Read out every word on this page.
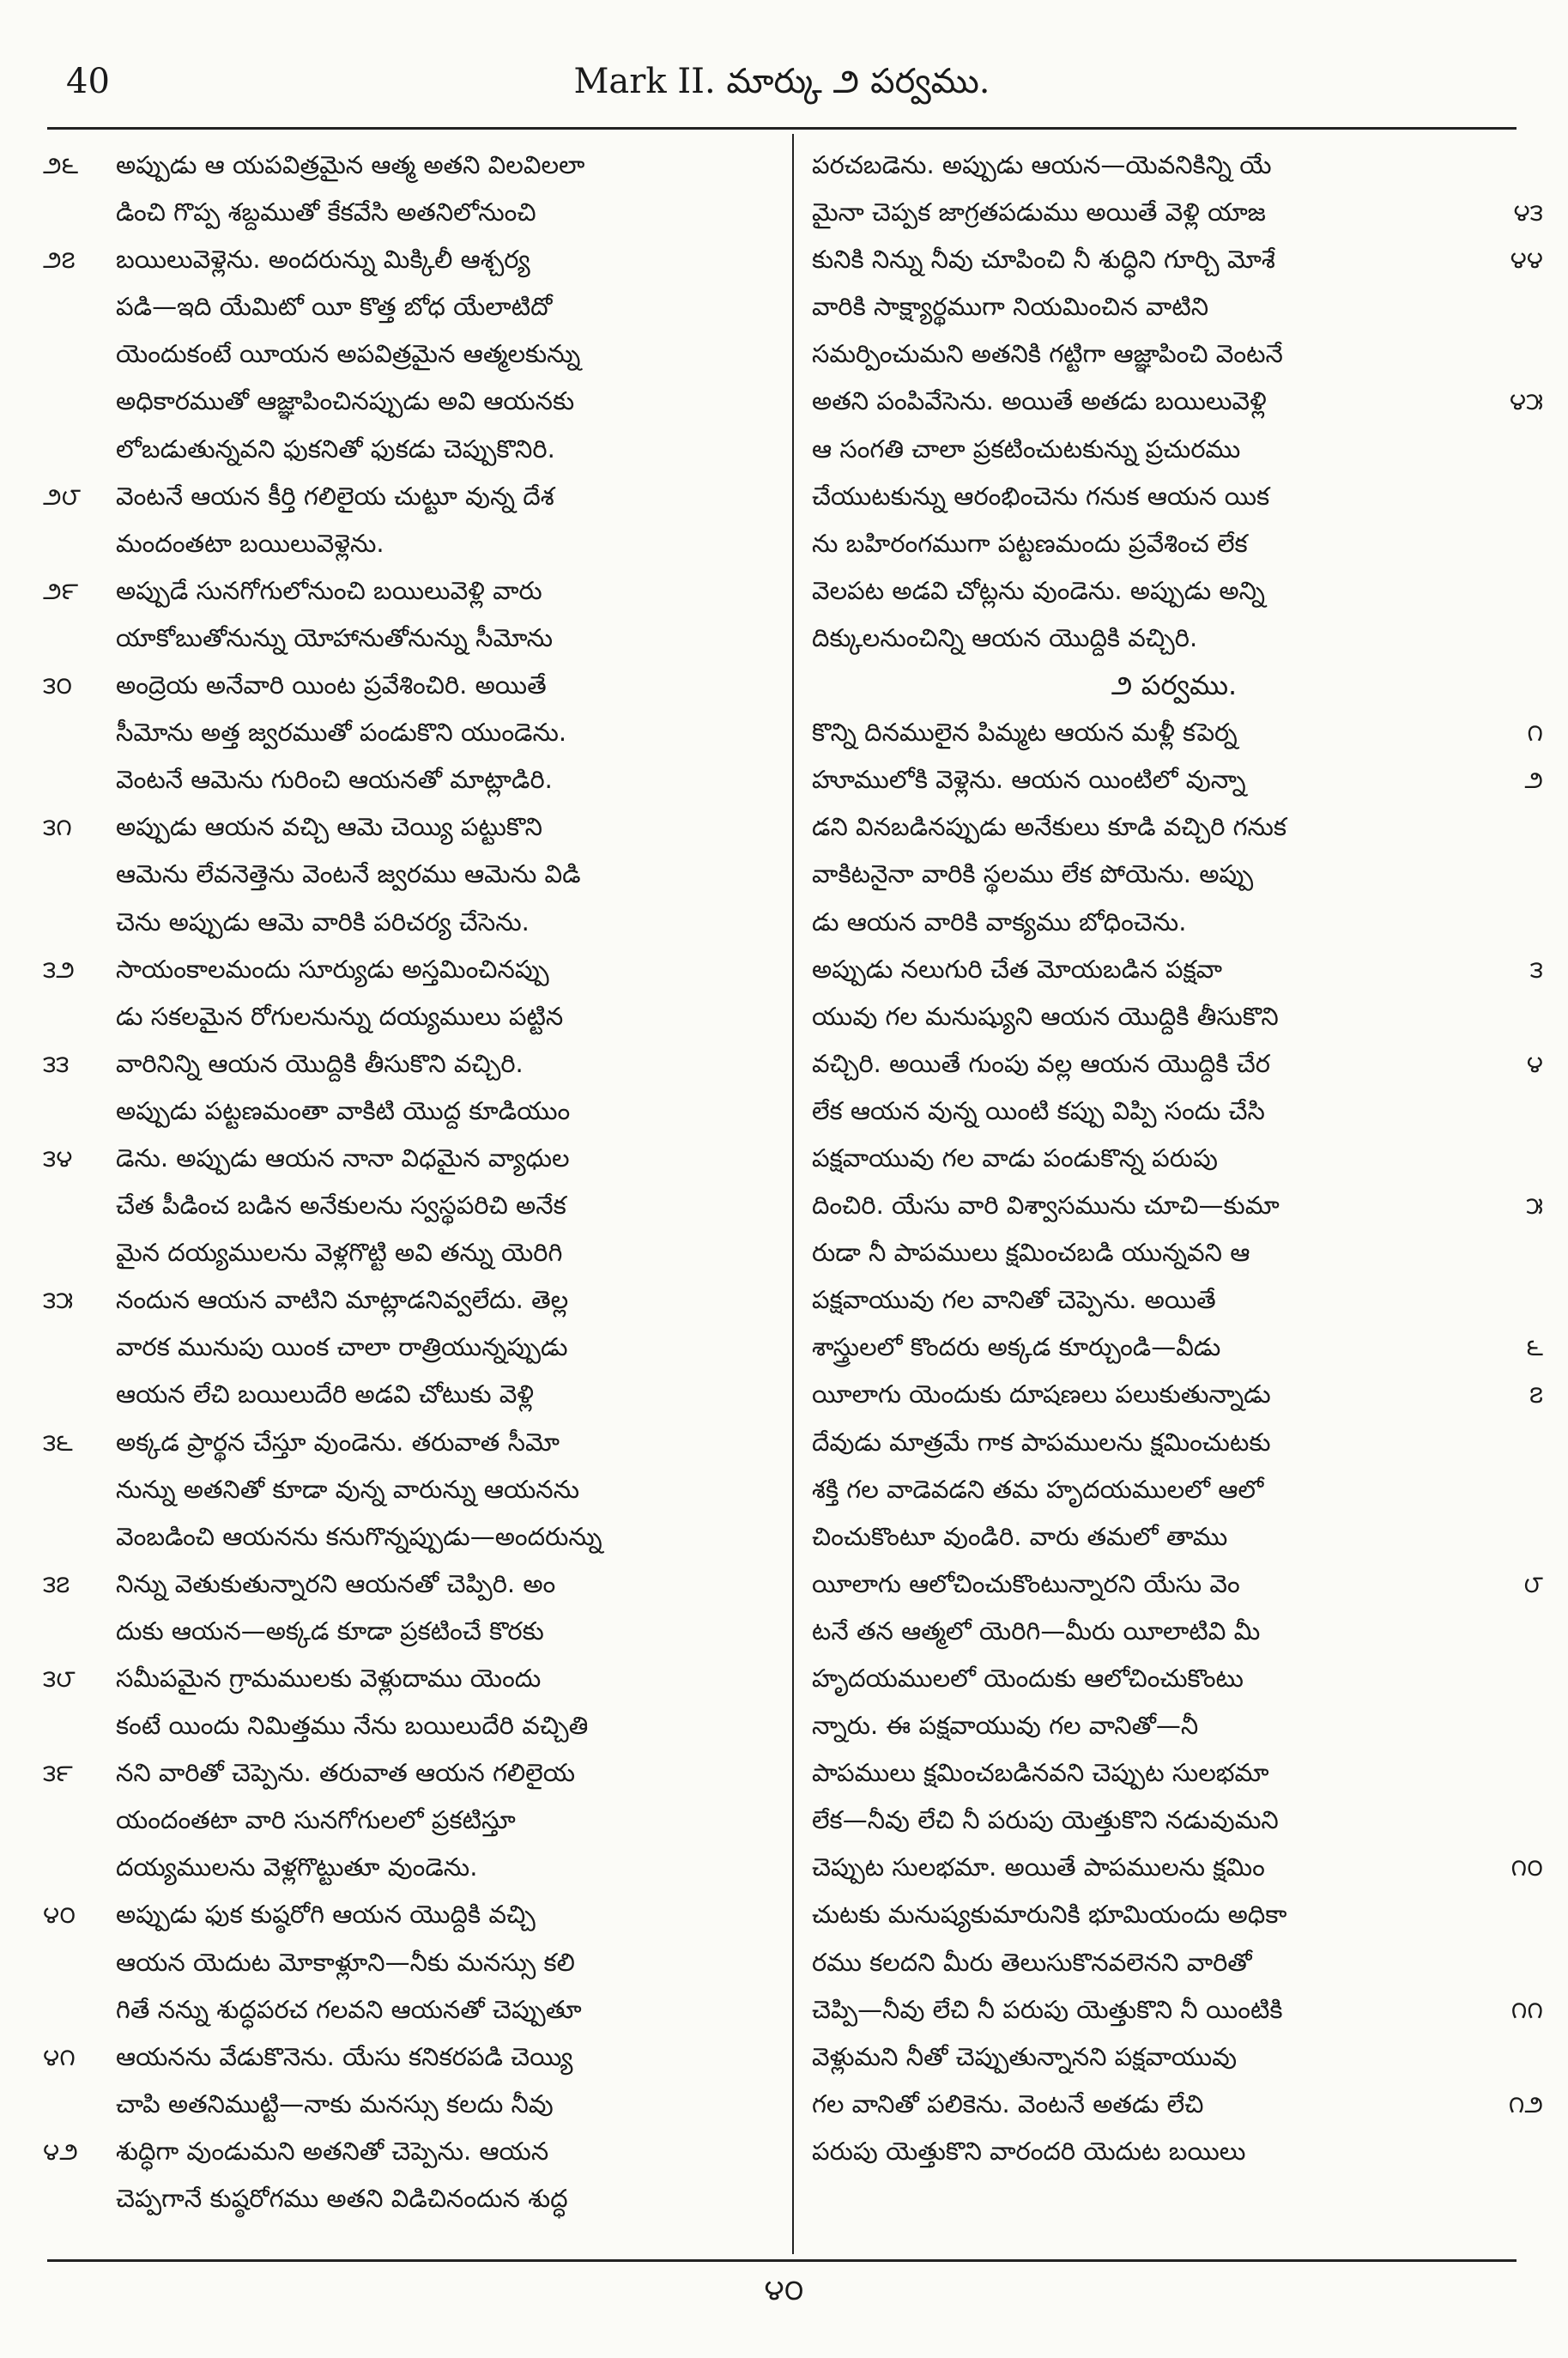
40	Mark II. మార్కు ౨ పర్వము.
౨౬	అప్పుడు ఆ యపవిత్రమైన ఆత్మ అతని విలవిలలా
డించి గొప్ప శబ్దముతో కేకవేసి అతనిలోనుంచి
౨౭	బయిలువెళ్లెను. అందరున్ను మిక్కిలీ ఆశ్చర్య
పడి—ఇది యేమిటో యీ కొత్త బోధ యేలాటిదో
యెందుకంటే యీయన అపవిత్రమైన ఆత్మలకున్ను
అధికారముతో ఆజ్ఞాపించినప్పుడు అవి ఆయనకు
లోబడుతున్నవని ఫుకనితో ఫుకడు చెప్పుకొనిరి.
౨౮	వెంటనే ఆయన కీర్తి గలిలైయ చుట్టూ వున్న దేశ
మందంతటా బయిలువెళ్లెను.
౨౯	అప్పుడే సునగోగులోనుంచి బయిలువెళ్లి వారు
యాకోబుతోనున్ను యోహానుతోనున్ను సీమోను
౩౦	అంద్రెయ అనేవారి యింట ప్రవేశించిరి. అయితే
సీమోను అత్త జ్వరముతో పండుకొని యుండెను.
వెంటనే ఆమెను గురించి ఆయనతో మాట్లాడిరి.
౩౧	అప్పుడు ఆయన వచ్చి ఆమె చెయ్యి పట్టుకొని
ఆమెను లేవనెత్తెను వెంటనే జ్వరము ఆమెను విడి
చెను అప్పుడు ఆమె వారికి పరిచర్య చేసెను.
౩౨	సాయంకాలమందు సూర్యుడు అస్తమించినప్పు
డు సకలమైన రోగులనున్ను దయ్యములు పట్టిన
౩౩	వారినిన్ని ఆయన యొద్దికి తీసుకొని వచ్చిరి.
అప్పుడు పట్టణమంతా వాకిటి యొద్ద కూడియుం
౩౪	డెను. అప్పుడు ఆయన నానా విధమైన వ్యాధుల
చేత పీడించ బడిన అనేకులను స్వస్థపరిచి అనేక
మైన దయ్యములను వెళ్లగొట్టి అవి తన్ను యెరిగి
౩౫	నందున ఆయన వాటిని మాట్లాడనివ్వలేదు. తెల్ల
వారక మునుపు యింక చాలా రాత్రియున్నప్పుడు
ఆయన లేచి బయిలుదేరి అడవి చోటుకు వెళ్లి
౩౬	అక్కడ ప్రార్థన చేస్తూ వుండెను. తరువాత సీమో
నున్ను అతనితో కూడా వున్న వారున్ను ఆయనను
వెంబడించి ఆయనను కనుగొన్నప్పుడు—అందరున్ను
౩౭	నిన్ను వెతుకుతున్నారని ఆయనతో చెప్పిరి. అం
దుకు ఆయన—అక్కడ కూడా ప్రకటించే కొరకు
౩౮	సమీపమైన గ్రామములకు వెళ్లుదాము యెందు
కంటే యిందు నిమిత్తము నేను బయిలుదేరి వచ్చితి
౩౯	నని వారితో చెప్పెను. తరువాత ఆయన గలిలైయ
యందంతటా వారి సునగోగులలో ప్రకటిస్తూ
దయ్యములను వెళ్లగొట్టుతూ వుండెను.
౪౦	అప్పుడు ఫుక కుష్ఠరోగి ఆయన యొద్దికి వచ్చి
ఆయన యెదుట మోకాళ్లూని—నీకు మనస్సు కలి
గితే నన్ను శుద్ధపరచ గలవని ఆయనతో చెప్పుతూ
౪౧	ఆయనను వేడుకొనెను. యేసు కనికరపడి చెయ్యి
చాపి అతనిముట్టి—నాకు మనస్సు కలదు నీవు
౪౨	శుద్ధిగా వుండుమని అతనితో చెప్పెను. ఆయన
చెప్పగానే కుష్ఠరోగము అతని విడిచినందున శుద్ధ
పరచబడెను. అప్పుడు ఆయన—యెవనికిన్ని యే
౪౩
మైనా చెప్పక జాగ్రతపడుము అయితే వెళ్లి యాజ
౪౪
కునికి నిన్ను నీవు చూపించి నీ శుద్ధిని గూర్చి మోశే
వారికి సాక్ష్యార్థముగా నియమించిన వాటిని
సమర్పించుమని అతనికి గట్టిగా ఆజ్ఞాపించి వెంటనే
౪౫
అతని పంపివేసెను. అయితే అతడు బయిలువెళ్లి
ఆ సంగతి చాలా ప్రకటించుటకున్ను ప్రచురము
చేయుటకున్ను ఆరంభించెను గనుక ఆయన యిక
ను బహిరంగముగా పట్టణమందు ప్రవేశించ లేక
వెలపట అడవి చోట్లను వుండెను. అప్పుడు అన్ని
దిక్కులనుంచిన్ని ఆయన యొద్దికి వచ్చిరి.
౨ పర్వము.
౧
కొన్ని దినములైన పిమ్మట ఆయన మళ్లీ కపెర్న
౨
హూములోకి వెళ్లెను. ఆయన యింటిలో వున్నా
డని వినబడినప్పుడు అనేకులు కూడి వచ్చిరి గనుక
వాకిటనైనా వారికి స్థలము లేక పోయెను. అప్పు
డు ఆయన వారికి వాక్యము బోధించెను.
౩
అప్పుడు నలుగురి చేత మోయబడిన పక్షవా
యువు గల మనుష్యుని ఆయన యొద్దికి తీసుకొని
౪
వచ్చిరి. అయితే గుంపు వల్ల ఆయన యొద్దికి చేర
లేక ఆయన వున్న యింటి కప్పు విప్పి సందు చేసి
పక్షవాయువు గల వాడు పండుకొన్న పరుపు
౫
దించిరి. యేసు వారి విశ్వాసమును చూచి—కుమా
రుడా నీ పాపములు క్షమించబడి యున్నవని ఆ
పక్షవాయువు గల వానితో చెప్పెను. అయితే
౬
శాస్త్రులలో కొందరు అక్కడ కూర్చుండి—వీడు
౭
యీలాగు యెందుకు దూషణలు పలుకుతున్నాడు
దేవుడు మాత్రమే గాక పాపములను క్షమించుటకు
శక్తి గల వాడెవడని తమ హృదయములలో ఆలో
చించుకొంటూ వుండిరి. వారు తమలో తాము
౮
యీలాగు ఆలోచించుకొంటున్నారని యేసు వెం
టనే తన ఆత్మలో యెరిగి—మీరు యీలాటివి మీ
హృదయములలో యెందుకు ఆలోచించుకొంటు
న్నారు. ఈ పక్షవాయువు గల వానితో—నీ
పాపములు క్షమించబడినవని చెప్పుట సులభమా
లేక—నీవు లేచి నీ పరుపు యెత్తుకొని నడువుమని
౧౦
చెప్పుట సులభమా. అయితే పాపములను క్షమిం
చుటకు మనుష్యకుమారునికి భూమియందు అధికా
రము కలదని మీరు తెలుసుకొనవలెనని వారితో
౧౧
చెప్పి—నీవు లేచి నీ పరుపు యెత్తుకొని నీ యింటికి
వెళ్లుమని నీతో చెప్పుతున్నానని పక్షవాయువు
౧౨
గల వానితో పలికెను. వెంటనే అతడు లేచి
పరుపు యెత్తుకొని వారందరి యెదుట బయిలు
౪౦
